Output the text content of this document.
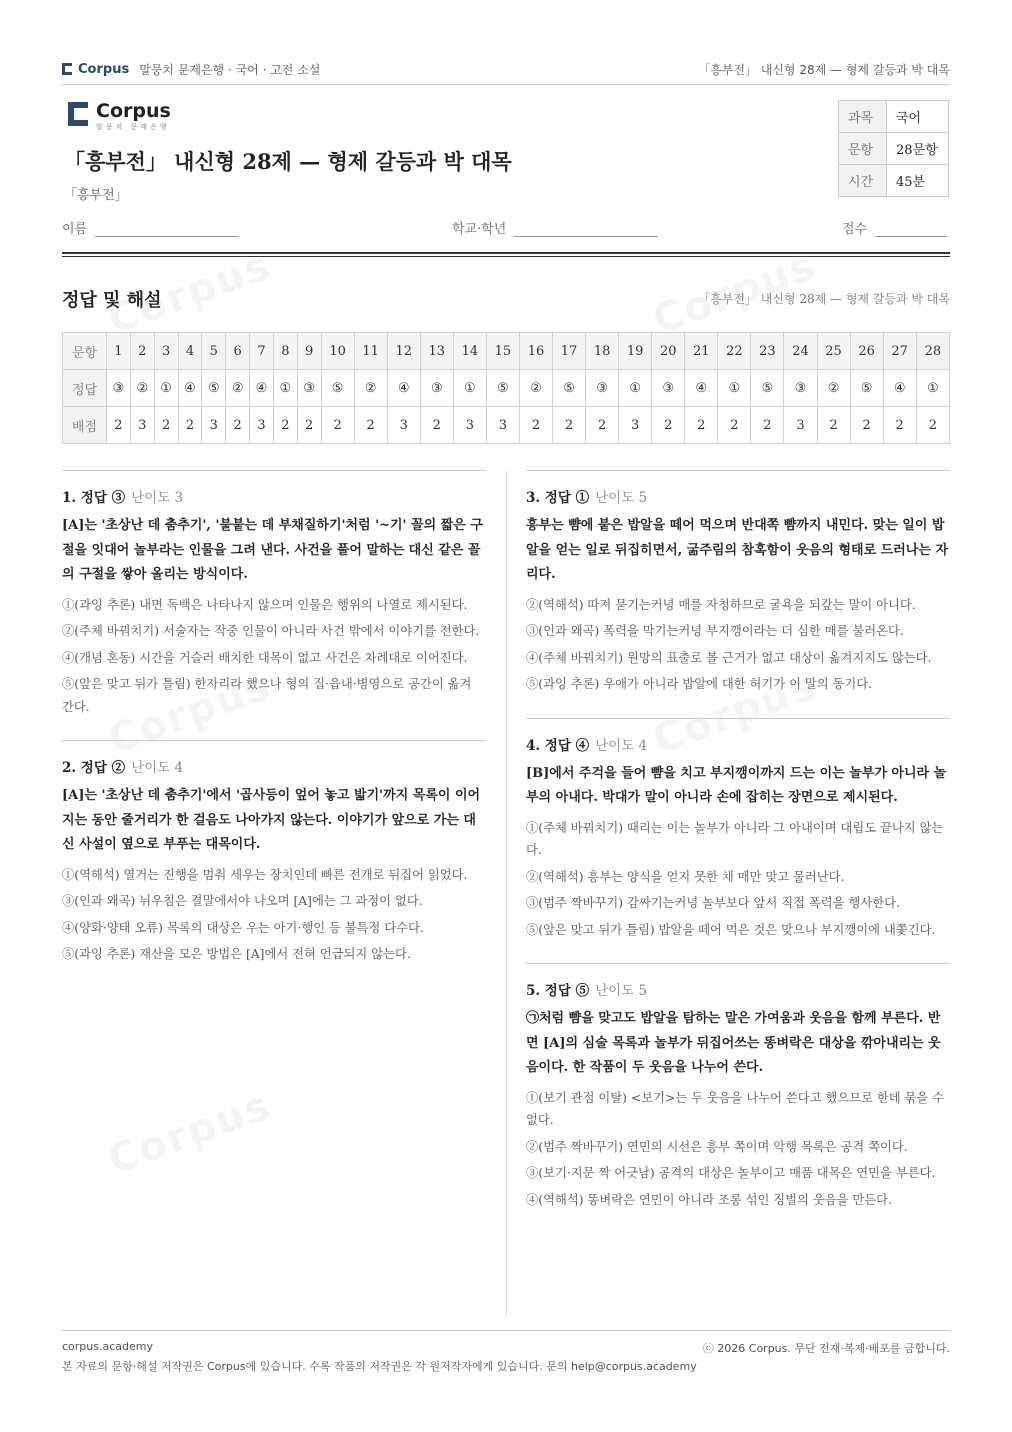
Corpus 말뭉치 문제은행 · 국어 · 고전 소설	「흥부전」 내신형 28제 — 형제 갈등과 박 대목
Corpus
말뭉치 문제은행
「흥부전」 내신형 28제 — 형제 갈등과 박 대목
「흥부전」
과목	국어
문항	28문항
시간	45분
이름	학교·학년	점수
정답 및 해설	「흥부전」 내신형 28제 — 형제 갈등과 박 대목
문항	1	2	3	4	5	6	7	8	9	10	11	12	13	14	15	16	17	18	19	20	21	22	23	24	25	26	27	28
정답	③	②	①	④	⑤	②	④	①	③	⑤	②	④	③	①	⑤	②	⑤	③	①	③	④	①	⑤	③	②	⑤	④	①
배점	2	3	2	2	3	2	3	2	2	2	2	3	2	3	3	2	2	2	3	2	2	2	2	3	2	2	2	2
1. 정답 ③ 난이도 3
[A]는 '초상난 데 춤추기', '불붙는 데 부채질하기'처럼 '~기' 꼴의 짧은 구절을 잇대어 놀부라는 인물을 그려 낸다. 사건을 풀어 말하는 대신 같은 꼴의 구절을 쌓아 올리는 방식이다.
①(과잉 추론) 내면 독백은 나타나지 않으며 인물은 행위의 나열로 제시된다.
②(주체 바꿔치기) 서술자는 작중 인물이 아니라 사건 밖에서 이야기를 전한다.
④(개념 혼동) 시간을 거슬러 배치한 대목이 없고 사건은 차례대로 이어진다.
⑤(앞은 맞고 뒤가 틀림) 한자리라 했으나 형의 집·읍내·병영으로 공간이 옮겨 간다.
2. 정답 ② 난이도 4
[A]는 '초상난 데 춤추기'에서 '곱사등이 엎어 놓고 밟기'까지 목록이 이어지는 동안 줄거리가 한 걸음도 나아가지 않는다. 이야기가 앞으로 가는 대신 사설이 옆으로 부푸는 대목이다.
①(역해석) 열거는 진행을 멈춰 세우는 장치인데 빠른 전개로 뒤집어 읽었다.
③(인과 왜곡) 뉘우침은 결말에서야 나오며 [A]에는 그 과정이 없다.
④(양화·양태 오류) 목록의 대상은 우는 아기·행인 등 불특정 다수다.
⑤(과잉 추론) 재산을 모은 방법은 [A]에서 전혀 언급되지 않는다.
3. 정답 ① 난이도 5
흥부는 뺨에 붙은 밥알을 떼어 먹으며 반대쪽 뺨까지 내민다. 맞는 일이 밥알을 얻는 일로 뒤집히면서, 굶주림의 참혹함이 웃음의 형태로 드러나는 자리다.
②(역해석) 따져 묻기는커녕 매를 자청하므로 굴욕을 되갚는 말이 아니다.
③(인과 왜곡) 폭력을 막기는커녕 부지깽이라는 더 심한 매를 불러온다.
④(주체 바꿔치기) 원망의 표출로 볼 근거가 없고 대상이 옮겨지지도 않는다.
⑤(과잉 추론) 우애가 아니라 밥알에 대한 허기가 이 말의 동기다.
4. 정답 ④ 난이도 4
[B]에서 주걱을 들어 뺨을 치고 부지깽이까지 드는 이는 놀부가 아니라 놀부의 아내다. 박대가 말이 아니라 손에 잡히는 장면으로 제시된다.
①(주체 바꿔치기) 때리는 이는 놀부가 아니라 그 아내이며 대립도 끝나지 않는다.
②(역해석) 흥부는 양식을 얻지 못한 채 매만 맞고 물러난다.
③(범주 짝바꾸기) 감싸기는커녕 놀부보다 앞서 직접 폭력을 행사한다.
⑤(앞은 맞고 뒤가 틀림) 밥알을 떼어 먹은 것은 맞으나 부지깽이에 내쫓긴다.
5. 정답 ⑤ 난이도 5
㉠처럼 뺨을 맞고도 밥알을 탐하는 말은 가여움과 웃음을 함께 부른다. 반면 [A]의 심술 목록과 놀부가 뒤집어쓰는 똥벼락은 대상을 깎아내리는 웃음이다. 한 작품이 두 웃음을 나누어 쓴다.
①(보기 관점 이탈) <보기>는 두 웃음을 나누어 쓴다고 했으므로 한데 묶을 수 없다.
②(범주 짝바꾸기) 연민의 시선은 흥부 쪽이며 악행 목록은 공격 쪽이다.
③(보기·지문 짝 어긋남) 공격의 대상은 놀부이고 매품 대목은 연민을 부른다.
④(역해석) 똥벼락은 연민이 아니라 조롱 섞인 징벌의 웃음을 만든다.
corpus.academy	ⓒ 2026 Corpus. 무단 전재·복제·배포를 금합니다.
본 자료의 문항·해설 저작권은 Corpus에 있습니다. 수록 작품의 저작권은 각 원저작자에게 있습니다. 문의 help@corpus.academy
